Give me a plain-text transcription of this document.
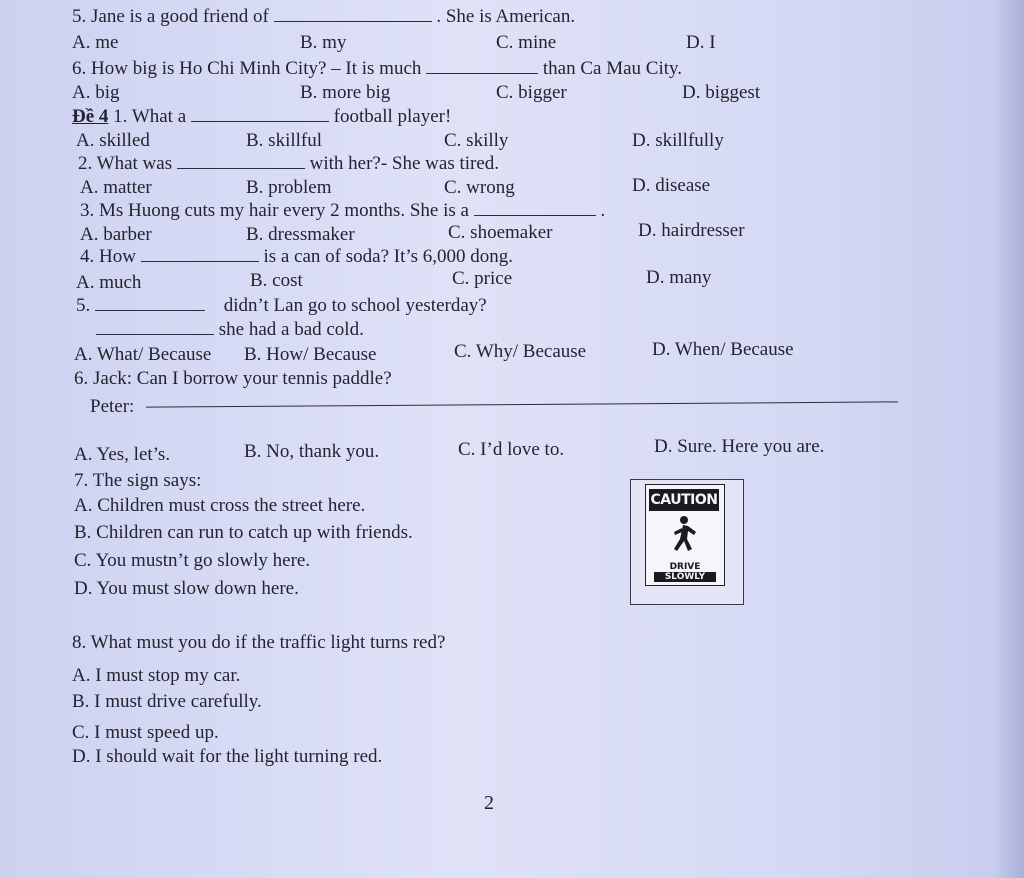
5. Jane is a good friend of	. She is American.
A. me	B. my	C. mine	D. I
6. How big is Ho Chi Minh City? – It is much	than Ca Mau City.
A. big	B. more big	C. bigger	D. biggest
Đề 4 1. What a	football player!
A. skilled	B. skillful	C. skilly	D. skillfully
2. What was	with her?- She was tired.
A. matter	B. problem	C. wrong	D. disease
3. Ms Huong cuts my hair every 2 months. She is a	.
A. barber	B. dressmaker	C. shoemaker	D. hairdresser
4. How	is a can of soda? It’s 6,000 dong.
A. much	B. cost	C. price	D. many
5.	didn’t Lan go to school yesterday?
she had a bad cold.
A. What/ Because B. How/ Because	C. Why/ Because	D. When/ Because
6. Jack: Can I borrow your tennis paddle?
Peter:
A. Yes, let’s.	B. No, thank you.	C. I’d love to.	D. Sure. Here you are.
7. The sign says:
A. Children must cross the street here.
B. Children can run to catch up with friends.
C. You mustn’t go slowly here.
D. You must slow down here.
CAUTION
DRIVE
SLOWLY
8. What must you do if the traffic light turns red?
A. I must stop my car.
B. I must drive carefully.
C. I must speed up.
D. I should wait for the light turning red.
2
